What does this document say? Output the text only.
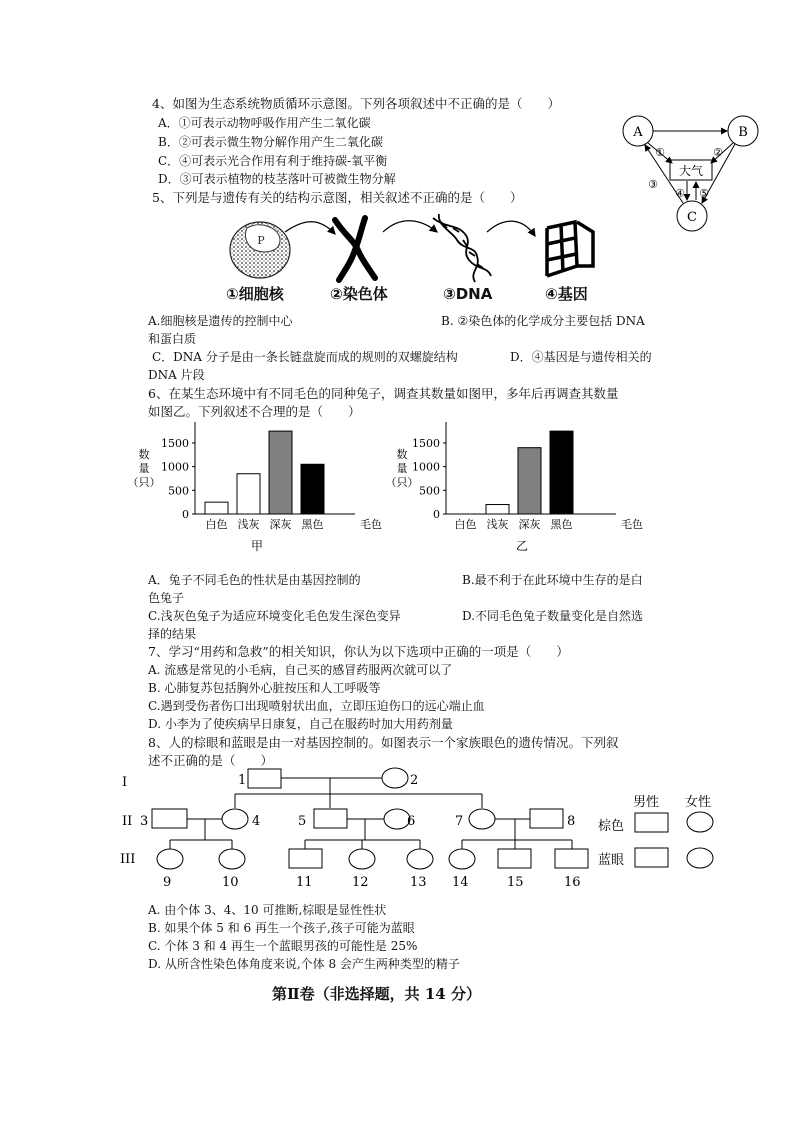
4、如图为生态系统物质循环示意图。下列各项叙述中不正确的是（　　）
A．①可表示动物呼吸作用产生二氧化碳
B．②可表示微生物分解作用产生二氧化碳
C．④可表示光合作用有利于维持碳-氧平衡
D．③可表示植物的枝茎落叶可被微生物分解
A	B
C
大气
①	②
③
④ ⑤
5、下列是与遗传有关的结构示意图，相关叙述不正确的是（　　）
P
①细胞核	②染色体	③DNA	④基因
A.细胞核是遗传的控制中心	B. ②染色体的化学成分主要包括 DNA
和蛋白质
C．DNA 分子是由一条长链盘旋而成的规则的双螺旋结构	D．④基因是与遗传相关的
DNA 片段
6、在某生态环境中有不同毛色的同种兔子，调查其数量如图甲，多年后再调查其数量
如图乙。下列叙述不合理的是（　　）
数
量
（只）
0
500
1000
1500
白色 浅灰 深灰 黑色	毛色
甲
数
量
（只）
0
500
1000
1500
白色 浅灰 深灰 黑色	毛色
乙
A．兔子不同毛色的性状是由基因控制的	B.最不利于在此环境中生存的是白
色兔子
C.浅灰色兔子为适应环境变化毛色发生深色变异	D.不同毛色兔子数量变化是自然选
择的结果
7、学习“用药和急救”的相关知识，你认为以下选项中正确的一项是（　　）
A. 流感是常见的小毛病，自己买的感冒药服两次就可以了
B. 心肺复苏包括胸外心脏按压和人工呼吸等
C.遇到受伤者伤口出现喷射状出血，立即压迫伤口的远心端止血
D. 小李为了使疾病早日康复，自己在服药时加大用药剂量
8、人的棕眼和蓝眼是由一对基因控制的。如图表示一个家族眼色的遗传情况。下列叙
述不正确的是（　　）
I
II
III
1	2
3	4	5	6	7	8
9	10	11	12	13 14	15	16
男性 女性
棕色
蓝眼
A. 由个体 3、4、10 可推断,棕眼是显性性状
B. 如果个体 5 和 6 再生一个孩子,孩子可能为蓝眼
C. 个体 3 和 4 再生一个蓝眼男孩的可能性是 25%
D. 从所含性染色体角度来说,个体 8 会产生两种类型的精子
第Ⅱ卷（非选择题，共 14 分）
